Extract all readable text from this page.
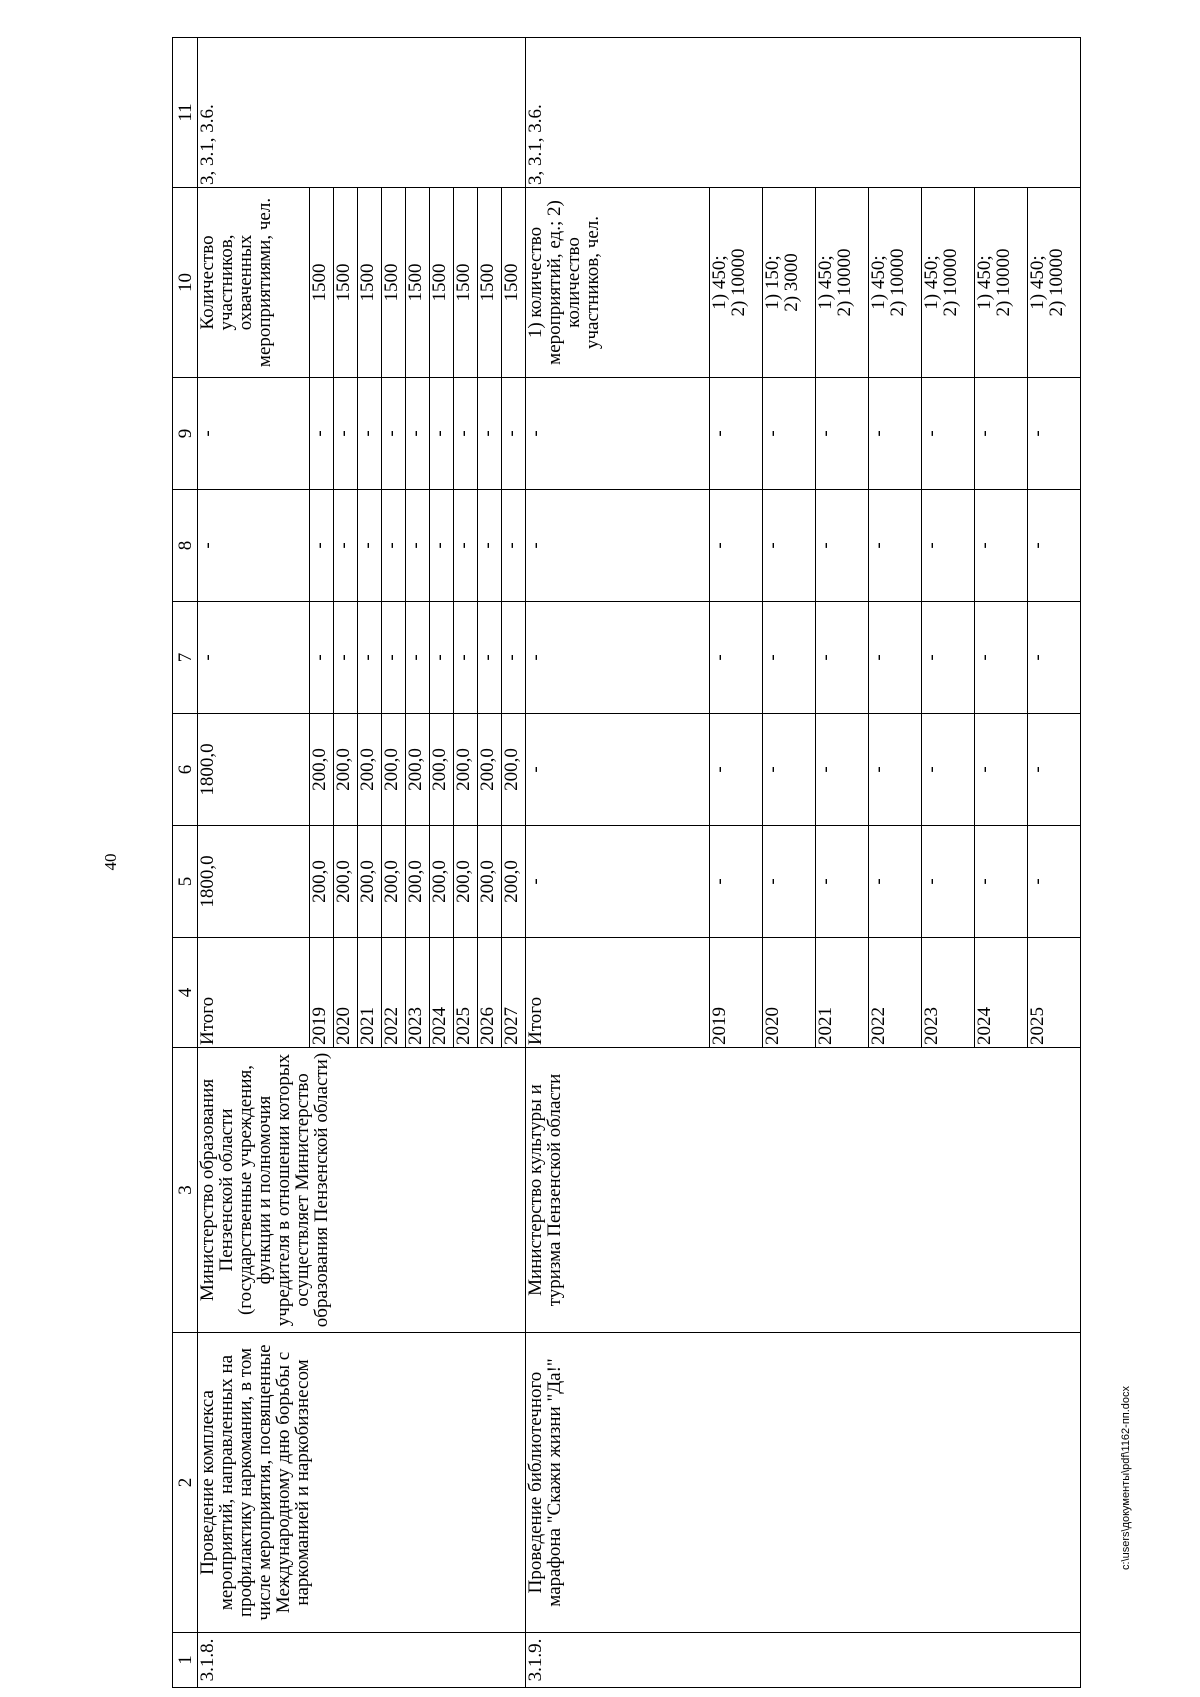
40
c:\users\документы\pdf\1162-пп.docx
1	2	3	4	5	6	7	8	9	10	11
3.1.8.	Проведение комплекса мероприятий, направленных на профилактику наркомании, в том числе мероприятия, посвященные Международному дню борьбы с наркоманией и наркобизнесом	Министерство образования Пензенской области (государственные учреждения, функции и полномочия учредителя в отношении которых осуществляет Министерство образования Пензенской области)	Итого	1800,0	1800,0	-	-	-	Количество участников, охваченных мероприятиями, чел.	3, 3.1, 3.6.
			2019	200,0	200,0	-	-	-	1500	
			2020	200,0	200,0	-	-	-	1500	
			2021	200,0	200,0	-	-	-	1500	
			2022	200,0	200,0	-	-	-	1500	
			2023	200,0	200,0	-	-	-	1500	
			2024	200,0	200,0	-	-	-	1500	
			2025	200,0	200,0	-	-	-	1500	
			2026	200,0	200,0	-	-	-	1500	
			2027	200,0	200,0	-	-	-	1500	
3.1.9.	Проведение библиотечного марафона "Скажи жизни "Да!"	Министерство культуры и туризма Пензенской области	Итого	-	-	-	-	-	1) количество мероприятий, ед.; 2) количество участников, чел.	3, 3.1, 3.6.
			2019	-	-	-	-	-	1) 450;
2) 10000	

			2020	-	-	-	-	-	1) 150;
2) 3000	

			2021	-	-	-	-	-	1) 450;
2) 10000	

			2022	-	-	-	-	-	1) 450;
2) 10000	

			2023	-	-	-	-	-	1) 450;
2) 10000	

			2024	-	-	-	-	-	1) 450;
2) 10000	

			2025	-	-	-	-	-	1) 450;
2) 10000	
